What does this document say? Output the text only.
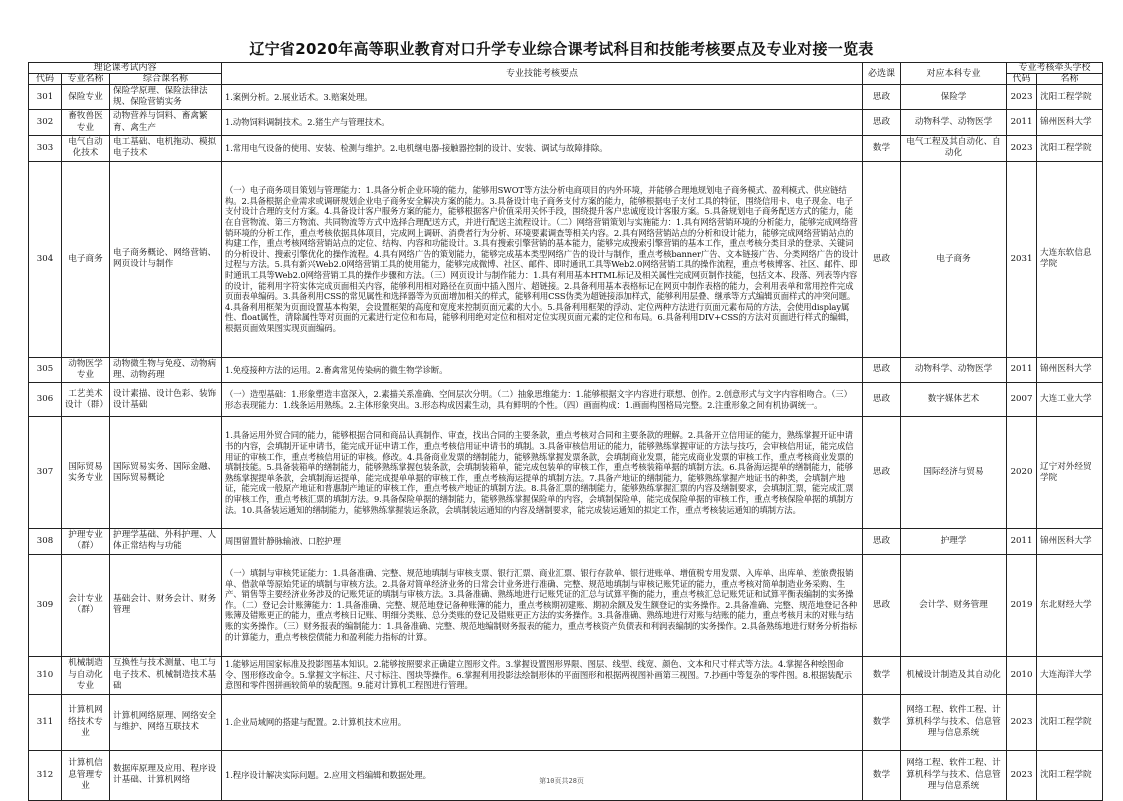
辽宁省2020年高等职业教育对口升学专业综合课考试科目和技能考核要点及专业对接一览表
理论课考试内容			专业技能考核要点	必选课	对应本科专业	专业考核牵头学校	
代码	专业名称	综合课名称				代码	名称
301	保险专业	保险学原理、保险法律法规、保险营销实务	1.案例分析。2.展业话术。3.赔案处理。	思政	保险学	2023	沈阳工程学院
302	畜牧兽医专业	动物营养与饲料、畜禽繁育、禽生产	1.动物饲料调制技术。2.猪生产与管理技术。	思政	动物科学、动物医学	2011	锦州医科大学
303	电气自动化技术	电工基础、电机拖动、模拟电子技术	1.常用电气设备的使用、安装、检测与维护。2.电机继电器-接触器控制的设计、安装、调试与故障排除。	数学	电气工程及其自动化、自动化	2023	沈阳工程学院
304	电子商务	电子商务概论、网络营销、网页设计与制作	（一）电子商务项目策划与管理能力：1.具备分析企业环境的能力，能够用SWOT等方法分析电商项目的内外环境，并能够合理地规划电子商务模式、盈利模式、供应链结构。2.具备根据企业需求或调研规划企业电子商务安全解决方案的能力。3.具备设计电子商务支付方案的能力，能够根据电子支付工具的特征，围绕信用卡、电子现金、电子支付设计合理的支付方案。4.具备设计客户服务方案的能力，能够根据客户价值采用关怀手段，围绕提升客户忠诚度设计客服方案。5.具备规划电子商务配送方式的能力，能在自营物流、第三方物流、共同物流等方式中选择合理配送方式，并进行配送主流程设计。（二）网络营销策划与实施能力：1.具有网络营销环境的分析能力，能够完成网络营销环境的分析工作，重点考核依据具体项目，完成网上调研、消费者行为分析、环境要素调查等相关内容。2.具有网络营销站点的分析和设计能力，能够完成网络营销站点的构建工作，重点考核网络营销站点的定位、结构、内容和功能设计。3.具有搜索引擎营销的基本能力，能够完成搜索引擎营销的基本工作，重点考核分类目录的登录、关键词的分析设计、搜索引擎优化的操作流程。4.具有网络广告的策划能力，能够完成基本类型网络广告的设计与制作，重点考核banner广告、文本链接广告、分类网络广告的设计过程与方法。5.具有新兴Web2.0网络营销工具的使用能力，能够完成微博、社区、邮件、即时通讯工具等Web2.0网络营销工具的操作流程，重点考核博客、社区、邮件、即时通讯工具等Web2.0网络营销工具的操作步骤和方法。（三）网页设计与制作能力：1.具有利用基本HTML标记及相关属性完成网页制作技能，包括文本、段落、列表等内容的设计，能利用字符实体完成页面相关内容，能够利用相对路径在页面中插入图片、超链接。2.具备利用基本表格标记在网页中制作表格的能力，会利用表单和常用控件完成页面表单编码。3.具备利用CSS的常见属性和选择器等为页面增加相关的样式，能够利用CSS伪类为超链接添加样式，能够利用层叠、继承等方式编辑页面样式的冲突问题。4.具备利用框架为页面设置基本构架，会设置框架的高度和宽度来控制页面元素的大小。5.具备利用框架的浮动、定位两种方法进行页面元素布局的方法，会使用display属性、float属性，清除属性等对页面的元素进行定位和布局，能够利用绝对定位和相对定位实现页面元素的定位和布局。6.具备利用DIV+CSS的方法对页面进行样式的编辑，根据页面效果图实现页面编码。	思政	电子商务	2031	大连东软信息学院
305	动物医学专业	动物微生物与免疫、动物病理、动物药理	1.免疫接种方法的运用。2.畜禽常见传染病的微生物学诊断。	思政	动物科学、动物医学	2011	锦州医科大学
306	工艺美术设计（群）	设计素描、设计色彩、装饰设计基础	（一）造型基础：1.形象塑造丰富深入，2.素描关系准确、空间层次分明。（二）抽象思维能力：1.能够根据文字内容进行联想、创作。2.创意形式与文字内容相吻合。（三）形态表现能力：1.线条运用熟练。2.主体形象突出。3.形态构成因素生动，具有鲜明的个性。（四）画面构成：1.画面构图格局完整。2.注重形象之间有机协调统一。	思政	数字媒体艺术	2007	大连工业大学
307	国际贸易实务专业	国际贸易实务、国际金融、国际贸易概论	1.具备运用外贸合同的能力，能够根据合同和商品认真制作、审查，找出合同的主要条款，重点考核对合同和主要条款的理解。2.具备开立信用证的能力，熟练掌握开证申请书的内容，会填制开证申请书，能完成开证申请工作，重点考核信用证申请书的填制。3.具备审核信用证的能力，能够熟练掌握审证的方法与技巧，会审核信用证，能完成信用证的审核工作，重点考核信用证的审核。修改。4.具备商业发票的缮制能力，能够熟练掌握发票条款，会填制商业发票，能完成商业发票的审核工作，重点考核商业发票的填制技能。5.具备装箱单的缮制能力，能够熟练掌握包装条款，会填制装箱单，能完成包装单的审核工作，重点考核装箱单据的填制方法。6.具备海运提单的缮制能力，能够熟练掌握提单条款，会填制海运提单，能完成提单单据的审核工作，重点考核海运提单的填制方法。7.具备产地证的缮制能力，能够熟练掌握产地证书的种类，会填制产地证，能完成一般原产地证和普惠制产地证的审核工作，重点考核产地证的填制方法。8.具备汇票的缮制能力，能够熟练掌握汇票的内容及缮制要求，会填制汇票，能完成汇票的审核工作，重点考核汇票的填制方法。9.具备保险单据的缮制能力，能够熟练掌握保险单的内容，会填制保险单，能完成保险单据的审核工作，重点考核保险单据的填制方法。10.具备装运通知的缮制能力，能够熟练掌握装运条款，会填制装运通知的内容及缮制要求，能完成装运通知的拟定工作，重点考核装运通知的填制方法。	思政	国际经济与贸易	2020	辽宁对外经贸学院
308	护理专业（群）	护理学基础、外科护理、人体正常结构与功能	周围留置针静脉输液、口腔护理	思政	护理学	2011	锦州医科大学
309	会计专业（群）	基础会计、财务会计、财务管理	（一）填制与审核凭证能力：1.具备准确、完整、规范地填制与审核支票、银行汇票、商业汇票、银行存款单、银行进账单、增值税专用发票、入库单、出库单、差旅费报销单、借款单等原始凭证的填制与审核方法。2.具备对简单经济业务的日常会计业务进行准确、完整、规范地填制与审核记账凭证的能力，重点考核对简单制造业务采购、生产、销售等主要经济业务涉及的记账凭证的填制与审核方法。3.具备准确、熟练地进行记账凭证的汇总与试算平衡的能力，重点考核汇总记账凭证和试算平衡表编制的实务操作。（二）登记会计账簿能力：1.具备准确、完整、规范地登记备种账簿的能力，重点考核期初建账、期初余额及发生额登记的实务操作。2.具备准确、完整、规范地登记各种账簿及错账更正的能力，重点考核日记账、明细分类账、总分类账的登记及错账更正方法的实务操作。3.具备准确、熟练地进行对账与结账的能力，重点考核月末的对账与结账的实务操作。（三）财务报表的编制能力：1.具备准确、完整、规范地编制财务报表的能力，重点考核资产负债表和利润表编制的实务操作。2.具备熟练地进行财务分析指标的计算能力，重点考核偿债能力和盈利能力指标的计算。	思政	会计学、财务管理	2019	东北财经大学
310	机械制造与自动化专业	互换性与技术测量、电工与电子技术、机械制造技术基础	1.能够运用国家标准及投影图基本知识。2.能够按照要求正确建立图形文件。3.掌握设置图形界限、图层、线型、线宽、颜色、文本和尺寸样式等方法。4.掌握各种绘图命令、图形修改命令。5.掌握文字标注、尺寸标注、图块等操作。6.掌握利用投影法绘制形体的平面图形和根据两视图补画第三视图。7.抄画中等复杂的零件图。8.根据装配示意图和零件图拼画较简单的装配图。9.能对计算机工程图进行管理。	数学	机械设计制造及其自动化	2010	大连海洋大学
311	计算机网络技术专业	计算机网络原理、网络安全与维护、网络互联技术	1.企业局域网的搭建与配置。2.计算机技术应用。	数学	网络工程、软件工程、计算机科学与技术、信息管理与信息系统	2023	沈阳工程学院
312	计算机信息管理专业	数据库原理及应用、程序设计基础、计算机网络	1.程序设计解决实际问题。2.应用文档编辑和数据处理。	数学	网络工程、软件工程、计算机科学与技术、信息管理与信息系统	2023	沈阳工程学院
第10页共28页
